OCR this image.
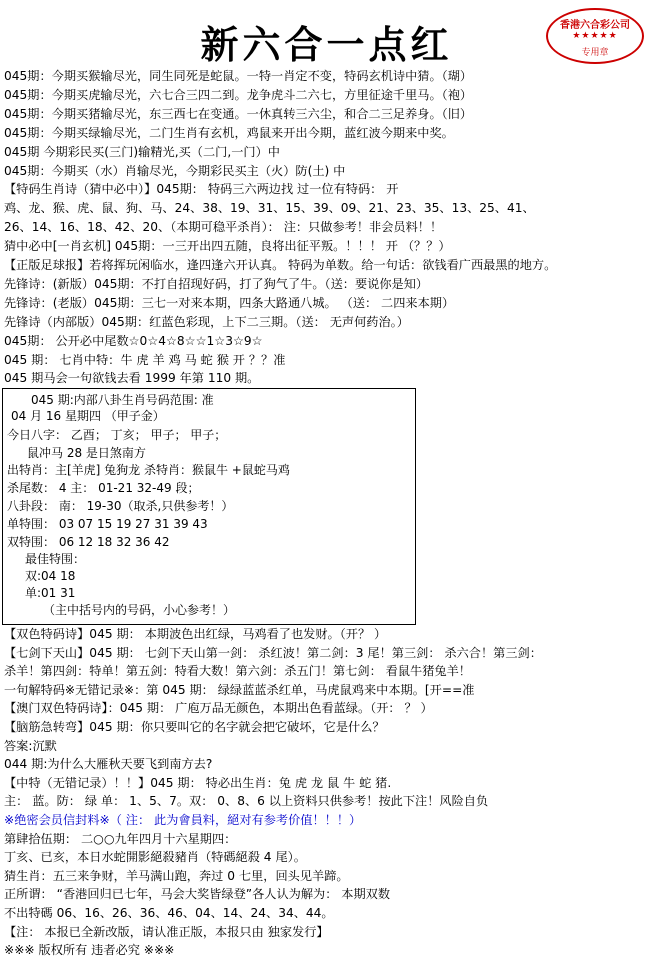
新六合一点红	香港六合彩公司
★★★★★
专用章
045期：今期买猴输尽光，同生同死是蛇鼠。一特一肖定不变，特码玄机诗中猜。（瑚）
045期：今期买虎输尽光，六七合三四二到。龙争虎斗二六七，方里征途千里马。（袍）
045期：今期买猪输尽光，东三西七在变通。一休真转三六尘，和合二三足养身。（旧）
045期：今期买绿输尽光，二门生肖有玄机，鸡鼠来开出今期，蓝红波今期来中奖。
045期 今期彩民买(三门)输精光,买（二门,一门）中
045期：今期买（水）肖输尽光，今期彩民买主（火）防(土) 中
【特码生肖诗（猜中必中）】045期： 特码三六两边找 过一位有特码： 开
鸡、龙、猴、虎、鼠、狗、马、24、38、19、31、15、39、09、21、23、35、13、25、41、
26、14、16、18、42、20、（本期可稳平杀肖）： 注：只做参考！非会员料！！
猜中必中[一肖玄机] 045期：一三开出四五随，良将出征平叛。！！！ 开 （？？）
【正版足球报】若将挥玩闲临水，逢四逢六开认真。 特码为单数。给一句话：欲钱看广西最黑的地方。
先锋诗：(新版）045期：不打自招现好码，打了狗气了牛。（送：要说你是知）
先锋诗：(老版）045期：三七一对来本期，四条大路通八城。 （送： 二四来本期）
先锋诗（内部版）045期：红蓝色彩现，上下二三期。（送： 无声何药治。）
045期： 公开必中尾数☆0☆4☆8☆☆1☆3☆9☆
045 期： 七肖中特：牛 虎 羊 鸡 马 蛇 猴 开 ？？准
045 期马会一句欲钱去看 1999 年第 110 期。
045 期:内部八卦生肖号码范围: 准
04 月 16 星期四 （甲子金）
今日八字： 乙酉； 丁亥； 甲子； 甲子；
鼠冲马 28 是日煞南方
出特肖：主[羊虎] 兔狗龙 杀特肖：猴鼠牛 +鼠蛇马鸡
杀尾数： 4 主： 01-21 32-49 段；
八卦段： 南： 19-30（取杀,只供参考！）
单特围： 03 07 15 19 27 31 39 43
双特围： 06 12 18 32 36 42
最佳特围：
双:04 18
单:01 31
（主中括号内的号码，小心参考！）
【双色特码诗】045 期： 本期波色出红绿，马鸡看了也发财。（开？ ）
【七剑下天山】045 期： 七剑下天山第一剑： 杀红波！第二剑：3 尾！第三剑： 杀六合！第三剑：
杀羊！第四剑：特单！第五剑：特看大数！第六剑：杀五门！第七剑： 看鼠牛猪兔羊！
一句解特码※无错记录※：第 045 期： 绿绿蓝蓝杀红单，马虎鼠鸡来中本期。[开==准
【澳门双色特码诗】：045 期： 广庖万品无颜色，本期出色看蓝绿。（开： ？ ）
【脑筋急转弯】045 期：你只要叫它的名字就会把它破坏，它是什么？
答案:沉默
044 期:为什么大雁秋天要飞到南方去?
【中特（无错记录）！！】045 期： 特必出生肖：兔 虎 龙 鼠 牛 蛇 猪.
主： 蓝。防： 绿 单： 1、5、7。双： 0、8、6 以上资料只供参考！按此下注！风险自负
※绝密会员信封料※（ 注： 此为會員料，絕对有参考价值！！！）
第肆拾伍期： 二○○九年四月十六星期四：
丁亥、已亥，本日水蛇開影絕殺豬肖（特碼絕殺 4 尾）。
猜生肖：五三来争财，羊马满山跑，奔过 0 七里，回头见羊蹄。
正所谓： “香港回归已七年，马会大奖皆绿登”各人认为解为： 本期双数
不出特碼 06、16、26、36、46、04、14、24、34、44。
【注： 本报已全新改版，请认准正版，本报只由 独家发行】
※※※ 版权所有 违者必究 ※※※
